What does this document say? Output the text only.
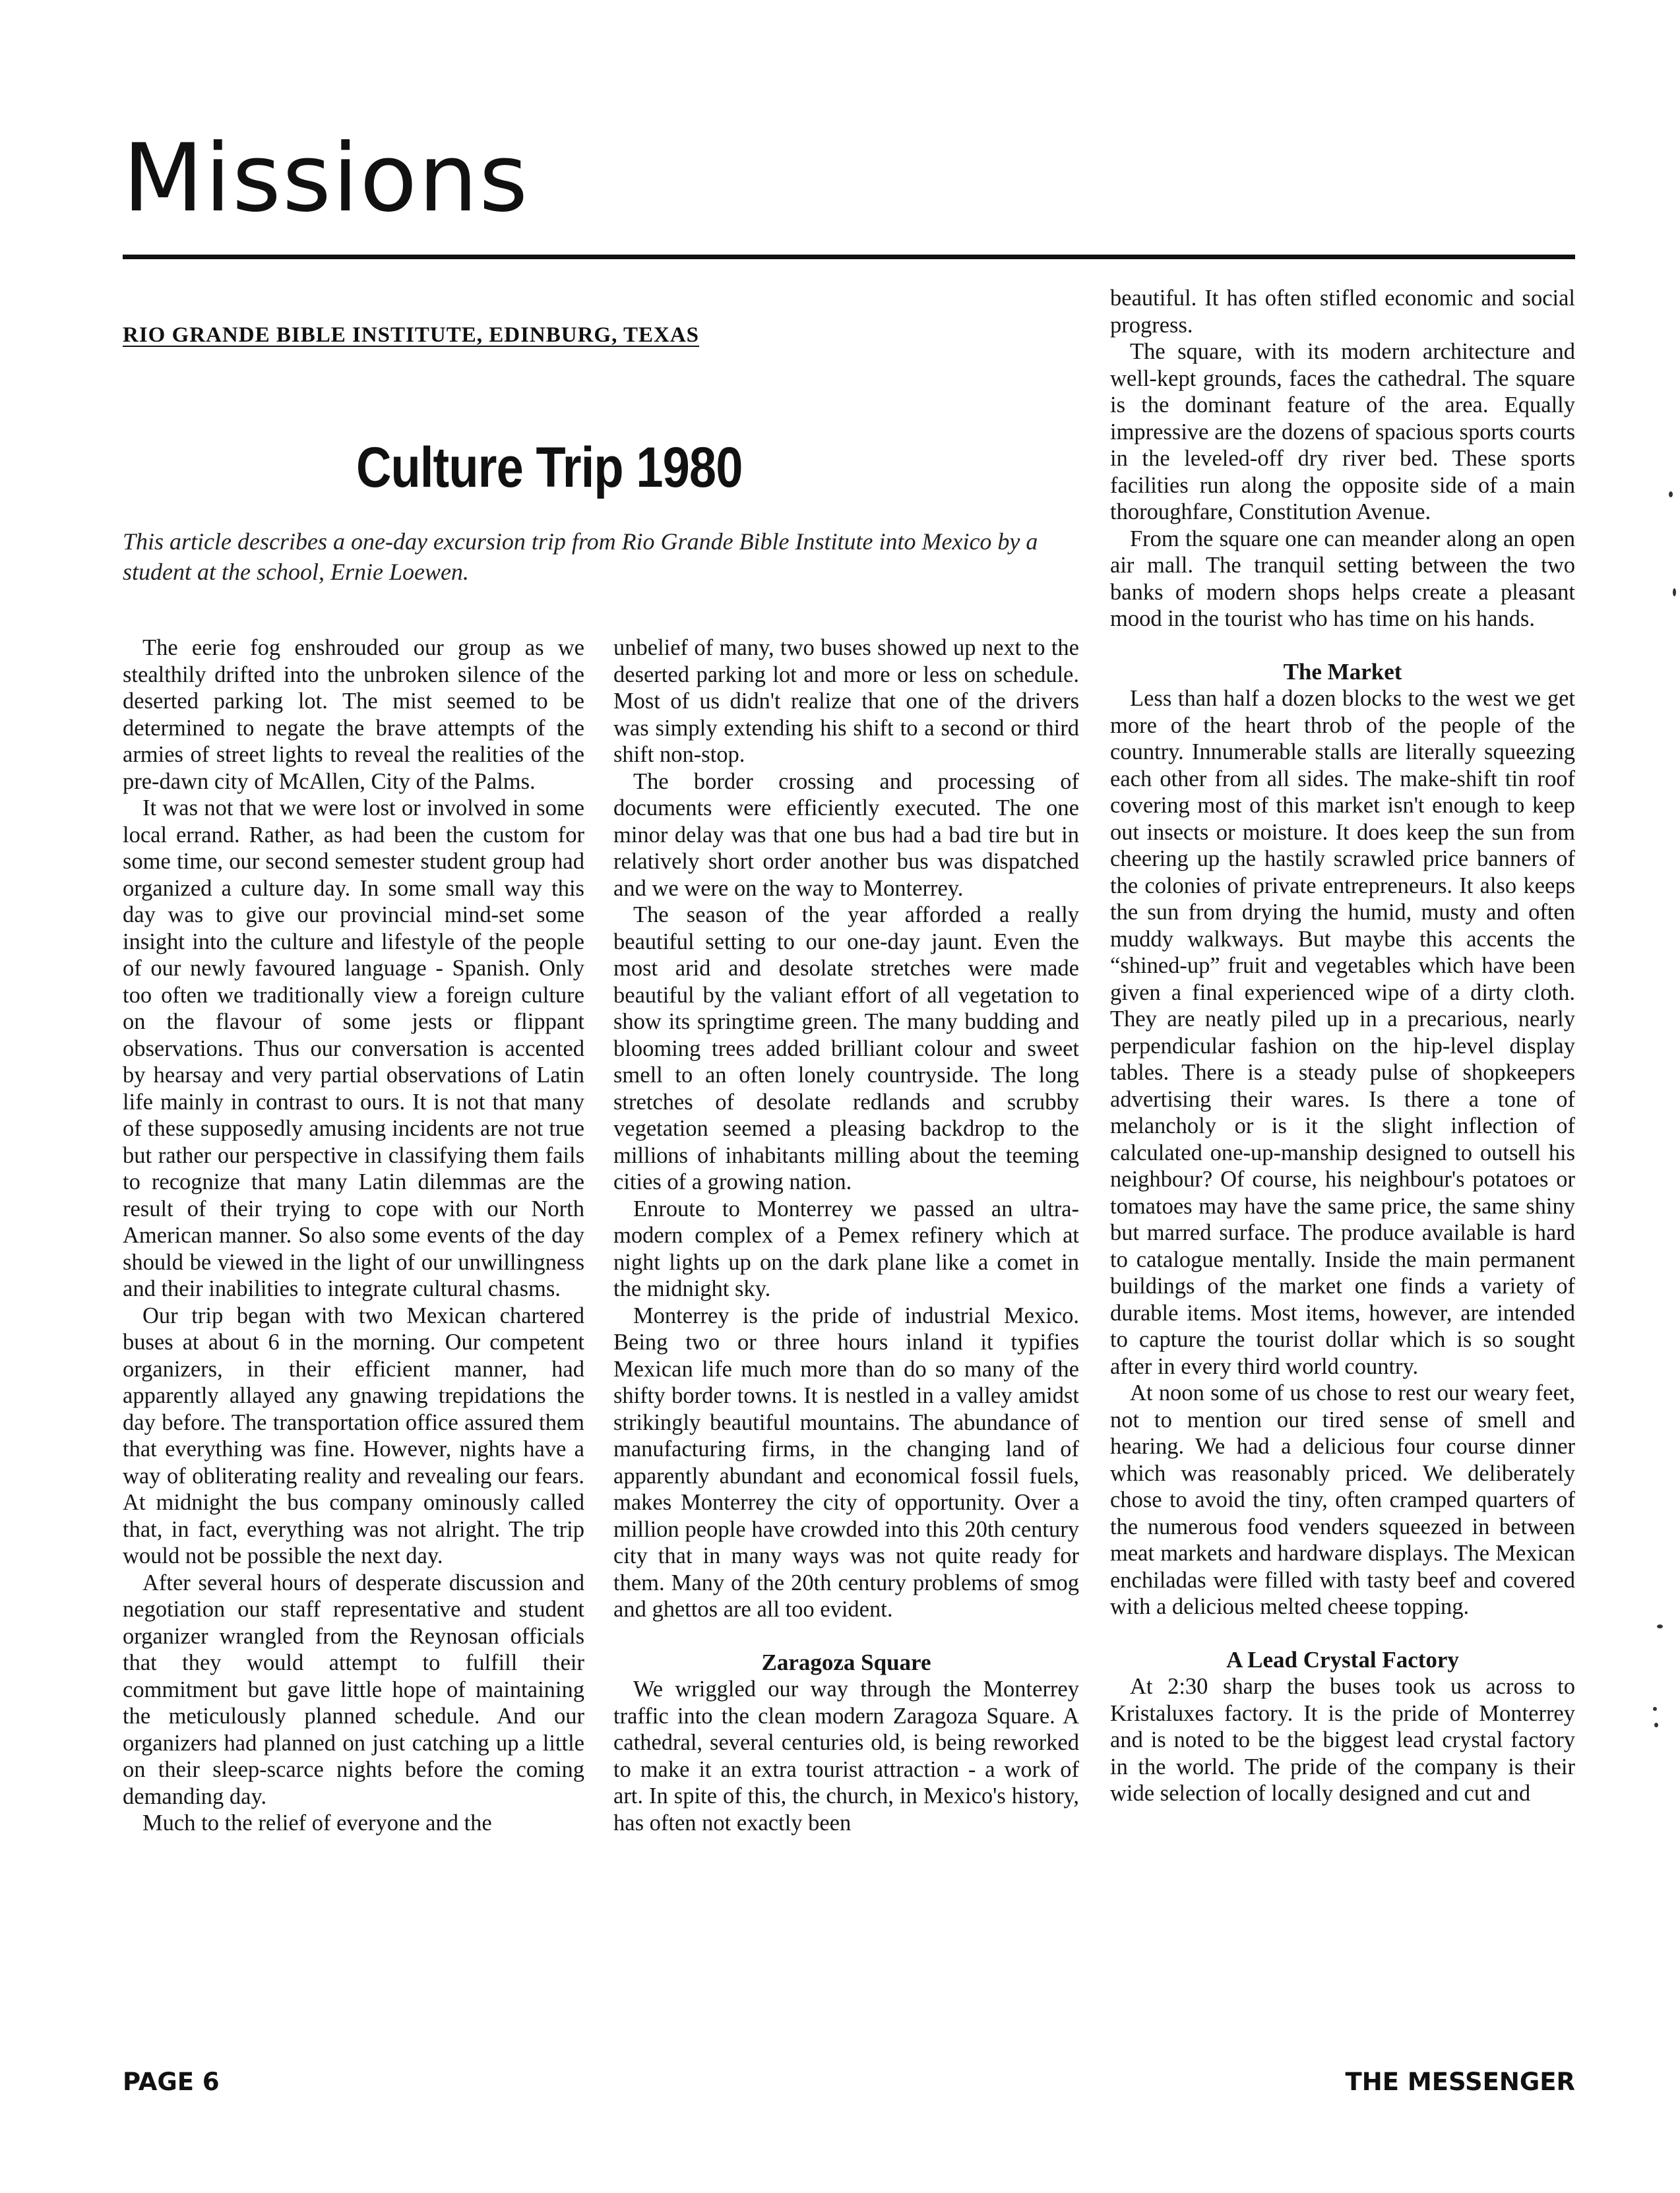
Missions
RIO GRANDE BIBLE INSTITUTE, EDINBURG, TEXAS
Culture Trip 1980
This article describes a one-day excursion trip from Rio Grande Bible Institute into Mexico by a student at the school, Ernie Loewen.

The eerie fog enshrouded our group as we stealthily drifted into the unbroken silence of the deserted parking lot. The mist seemed to be determined to negate the brave attempts of the armies of street lights to reveal the realities of the pre-dawn city of McAllen, City of the Palms.

It was not that we were lost or involved in some local errand. Rather, as had been the custom for some time, our second semester student group had organized a culture day. In some small way this day was to give our provincial mind-set some insight into the culture and lifestyle of the people of our newly favoured language - Spanish. Only too often we traditionally view a foreign culture on the flavour of some jests or flippant observations. Thus our conversation is accented by hearsay and very partial observations of Latin life mainly in contrast to ours. It is not that many of these supposedly amusing incidents are not true but rather our perspective in classifying them fails to recognize that many Latin dilemmas are the result of their trying to cope with our North American manner. So also some events of the day should be viewed in the light of our unwillingness and their inabilities to integrate cultural chasms.

Our trip began with two Mexican chartered buses at about 6 in the morning. Our competent organizers, in their efficient manner, had apparently allayed any gnawing trepidations the day before. The transportation office assured them that everything was fine. However, nights have a way of obliterating reality and revealing our fears. At midnight the bus company ominously called that, in fact, everything was not alright. The trip would not be possible the next day.

After several hours of desperate discussion and negotiation our staff representative and student organizer wrangled from the Reynosan officials that they would attempt to fulfill their commitment but gave little hope of maintaining the meticulously planned schedule. And our organizers had planned on just catching up a little on their sleep-scarce nights before the coming demanding day.

Much to the relief of everyone and the

unbelief of many, two buses showed up next to the deserted parking lot and more or less on schedule. Most of us didn't realize that one of the drivers was simply extending his shift to a second or third shift non-stop.

The border crossing and processing of documents were efficiently executed. The one minor delay was that one bus had a bad tire but in relatively short order another bus was dispatched and we were on the way to Monterrey.

The season of the year afforded a really beautiful setting to our one-day jaunt. Even the most arid and desolate stretches were made beautiful by the valiant effort of all vegetation to show its springtime green. The many budding and blooming trees added brilliant colour and sweet smell to an often lonely countryside. The long stretches of desolate redlands and scrubby vegetation seemed a pleasing backdrop to the millions of inhabitants milling about the teeming cities of a growing nation.

Enroute to Monterrey we passed an ultra-modern complex of a Pemex refinery which at night lights up on the dark plane like a comet in the midnight sky.

Monterrey is the pride of industrial Mexico. Being two or three hours inland it typifies Mexican life much more than do so many of the shifty border towns. It is nestled in a valley amidst strikingly beautiful mountains. The abundance of manufacturing firms, in the changing land of apparently abundant and economical fossil fuels, makes Monterrey the city of opportunity. Over a million people have crowded into this 20th century city that in many ways was not quite ready for them. Many of the 20th century problems of smog and ghettos are all too evident.

Zaragoza Square

We wriggled our way through the Monterrey traffic into the clean modern Zaragoza Square. A cathedral, several centuries old, is being reworked to make it an extra tourist attraction - a work of art. In spite of this, the church, in Mexico's history, has often not exactly been

beautiful. It has often stifled economic and social progress.

The square, with its modern architecture and well-kept grounds, faces the cathedral. The square is the dominant feature of the area. Equally impressive are the dozens of spacious sports courts in the leveled-off dry river bed. These sports facilities run along the opposite side of a main thoroughfare, Constitution Avenue.

From the square one can meander along an open air mall. The tranquil setting between the two banks of modern shops helps create a pleasant mood in the tourist who has time on his hands.

The Market

Less than half a dozen blocks to the west we get more of the heart throb of the people of the country. Innumerable stalls are literally squeezing each other from all sides. The make-shift tin roof covering most of this market isn't enough to keep out insects or moisture. It does keep the sun from cheering up the hastily scrawled price banners of the colonies of private entrepreneurs. It also keeps the sun from drying the humid, musty and often muddy walkways. But maybe this accents the “shined-up” fruit and vegetables which have been given a final experienced wipe of a dirty cloth. They are neatly piled up in a precarious, nearly perpendicular fashion on the hip-level display tables. There is a steady pulse of shopkeepers advertising their wares. Is there a tone of melancholy or is it the slight inflection of calculated one-up-manship designed to outsell his neighbour? Of course, his neighbour's potatoes or tomatoes may have the same price, the same shiny but marred surface. The produce available is hard to catalogue mentally. Inside the main permanent buildings of the market one finds a variety of durable items. Most items, however, are intended to capture the tourist dollar which is so sought after in every third world country.

At noon some of us chose to rest our weary feet, not to mention our tired sense of smell and hearing. We had a delicious four course dinner which was reasonably priced. We deliberately chose to avoid the tiny, often cramped quarters of the numerous food venders squeezed in between meat markets and hardware displays. The Mexican enchiladas were filled with tasty beef and covered with a delicious melted cheese topping.

A Lead Crystal Factory

At 2:30 sharp the buses took us across to Kristaluxes factory. It is the pride of Monterrey and is noted to be the biggest lead crystal factory in the world. The pride of the company is their wide selection of locally designed and cut and

PAGE 6	THE MESSENGER
